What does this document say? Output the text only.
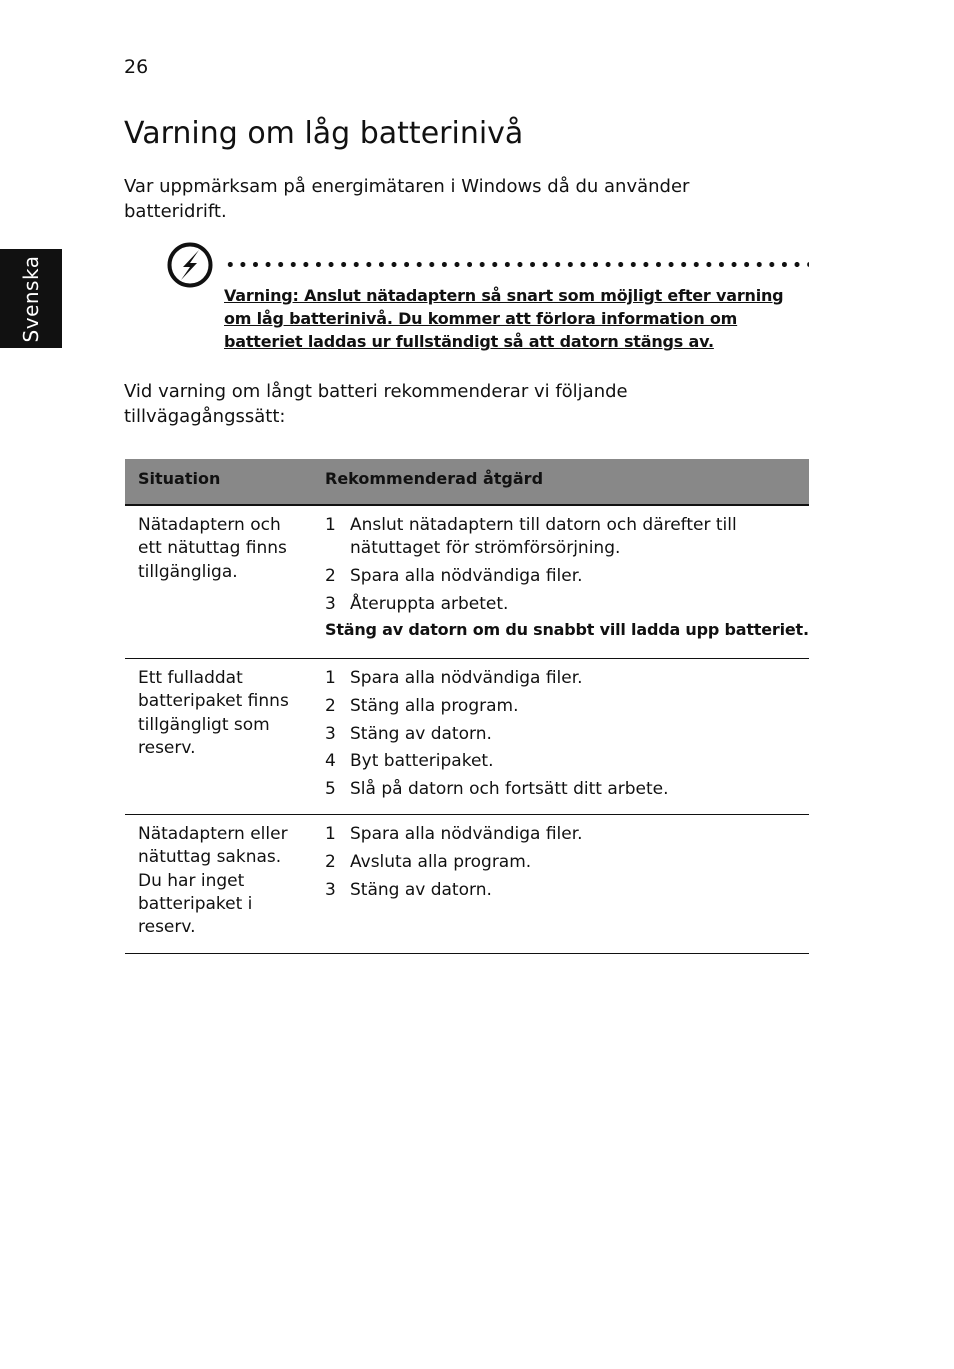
26
Svenska
Varning om låg batterinivå

Var uppmärksam på energimätaren i Windows då du använder batteridrift.

Varning: Anslut nätadaptern så snart som möjligt efter varning om låg batterinivå. Du kommer att förlora information om batteriet laddas ur fullständigt så att datorn stängs av.

Vid varning om långt batteri rekommenderar vi följande tillvägagångssätt:

Situation	Rekommenderad åtgärd
Nätadaptern och ett nätuttag finns tillgängliga.
1 Anslut nätadaptern till datorn och därefter till nätuttaget för strömförsörjning.
2 Spara alla nödvändiga filer.
3 Återuppta arbetet.
Stäng av datorn om du snabbt vill ladda upp batteriet.
Ett fulladdat batteripaket finns tillgängligt som reserv.
1 Spara alla nödvändiga filer.
2 Stäng alla program.
3 Stäng av datorn.
4 Byt batteripaket.
5 Slå på datorn och fortsätt ditt arbete.
Nätadaptern eller nätuttag saknas. Du har inget batteripaket i reserv.
1 Spara alla nödvändiga filer.
2 Avsluta alla program.
3 Stäng av datorn.
